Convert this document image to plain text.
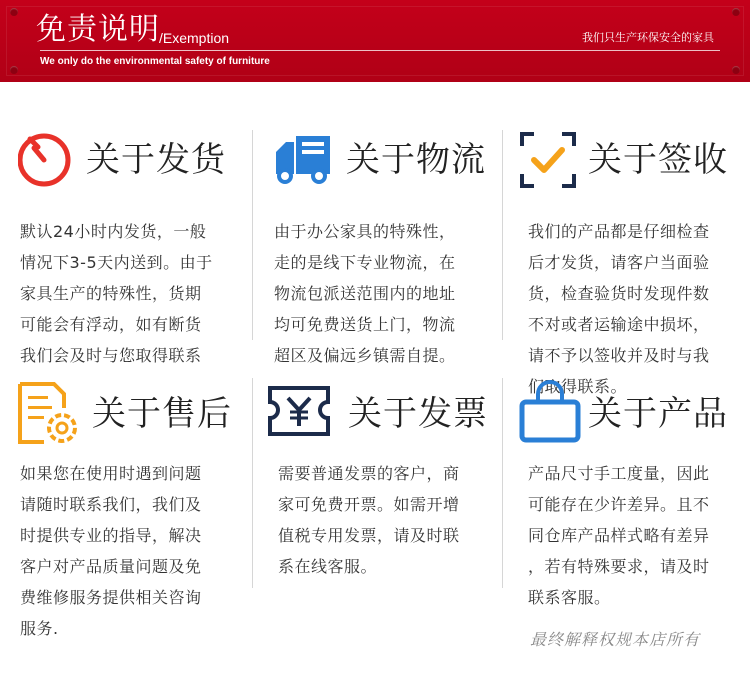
免责说明 /Exemption	我们只生产环保安全的家具
We only do the environmental safety of furniture
关于发货
默认24小时内发货，一般
情况下3-5天内送到。由于
家具生产的特殊性，货期
可能会有浮动，如有断货
我们会及时与您取得联系
关于物流
由于办公家具的特殊性，
走的是线下专业物流，在
物流包派送范围内的地址
均可免费送货上门，物流
超区及偏远乡镇需自提。
关于签收
我们的产品都是仔细检查
后才发货，请客户当面验
货，检查验货时发现件数
不对或者运输途中损坏，
请不予以签收并及时与我
们取得联系。
关于售后
如果您在使用时遇到问题
请随时联系我们，我们及
时提供专业的指导，解决
客户对产品质量问题及免
费维修服务提供相关咨询
服务.
关于发票
需要普通发票的客户，商
家可免费开票。如需开增
值税专用发票，请及时联
系在线客服。
关于产品
产品尺寸手工度量，因此
可能存在少许差异。且不
同仓库产品样式略有差异
，若有特殊要求，请及时
联系客服。
最终解释权规本店所有
